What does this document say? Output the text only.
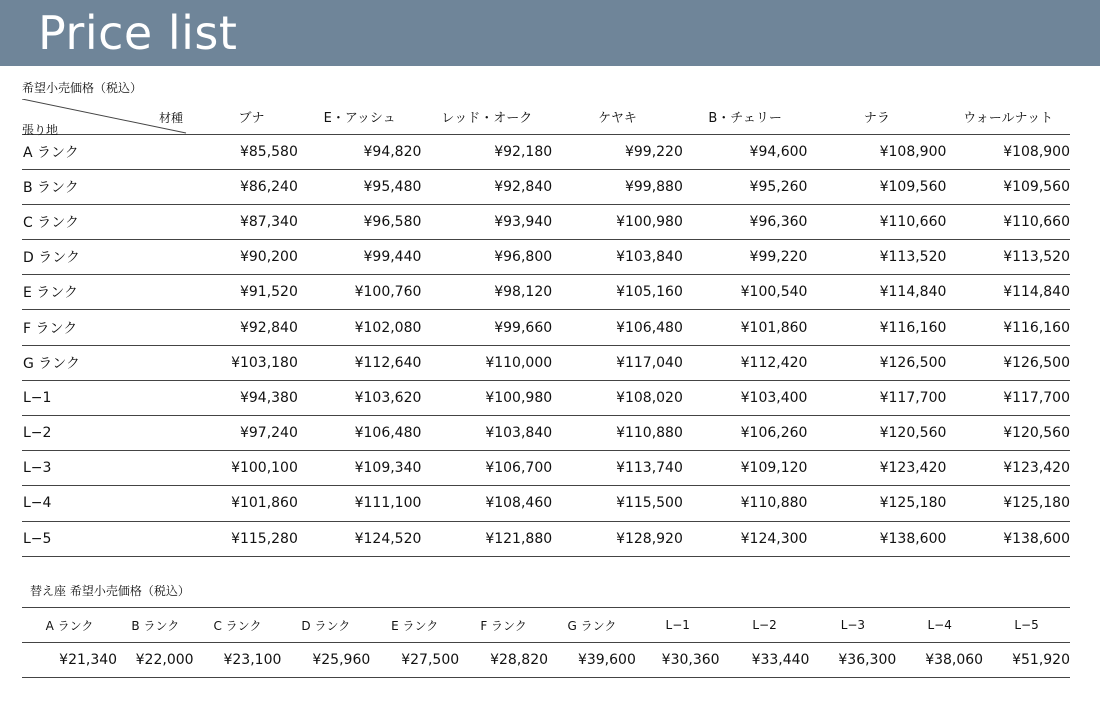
Price list
希望小売価格（税込）
材種
張り地	ブナ	E・アッシュ	レッド・オーク	ケヤキ	B・チェリー	ナラ	ウォールナット
A ランク	¥85,580	¥94,820	¥92,180	¥99,220	¥94,600	¥108,900	¥108,900
B ランク	¥86,240	¥95,480	¥92,840	¥99,880	¥95,260	¥109,560	¥109,560
C ランク	¥87,340	¥96,580	¥93,940	¥100,980	¥96,360	¥110,660	¥110,660
D ランク	¥90,200	¥99,440	¥96,800	¥103,840	¥99,220	¥113,520	¥113,520
E ランク	¥91,520	¥100,760	¥98,120	¥105,160	¥100,540	¥114,840	¥114,840
F ランク	¥92,840	¥102,080	¥99,660	¥106,480	¥101,860	¥116,160	¥116,160
G ランク	¥103,180	¥112,640	¥110,000	¥117,040	¥112,420	¥126,500	¥126,500
L−1	¥94,380	¥103,620	¥100,980	¥108,020	¥103,400	¥117,700	¥117,700
L−2	¥97,240	¥106,480	¥103,840	¥110,880	¥106,260	¥120,560	¥120,560
L−3	¥100,100	¥109,340	¥106,700	¥113,740	¥109,120	¥123,420	¥123,420
L−4	¥101,860	¥111,100	¥108,460	¥115,500	¥110,880	¥125,180	¥125,180
L−5	¥115,280	¥124,520	¥121,880	¥128,920	¥124,300	¥138,600	¥138,600
替え座 希望小売価格（税込）
A ランク	B ランク	C ランク	D ランク	E ランク	F ランク	G ランク	L−1	L−2	L−3	L−4	L−5
¥21,340	¥22,000	¥23,100	¥25,960	¥27,500	¥28,820	¥39,600	¥30,360	¥33,440	¥36,300	¥38,060	¥51,920
